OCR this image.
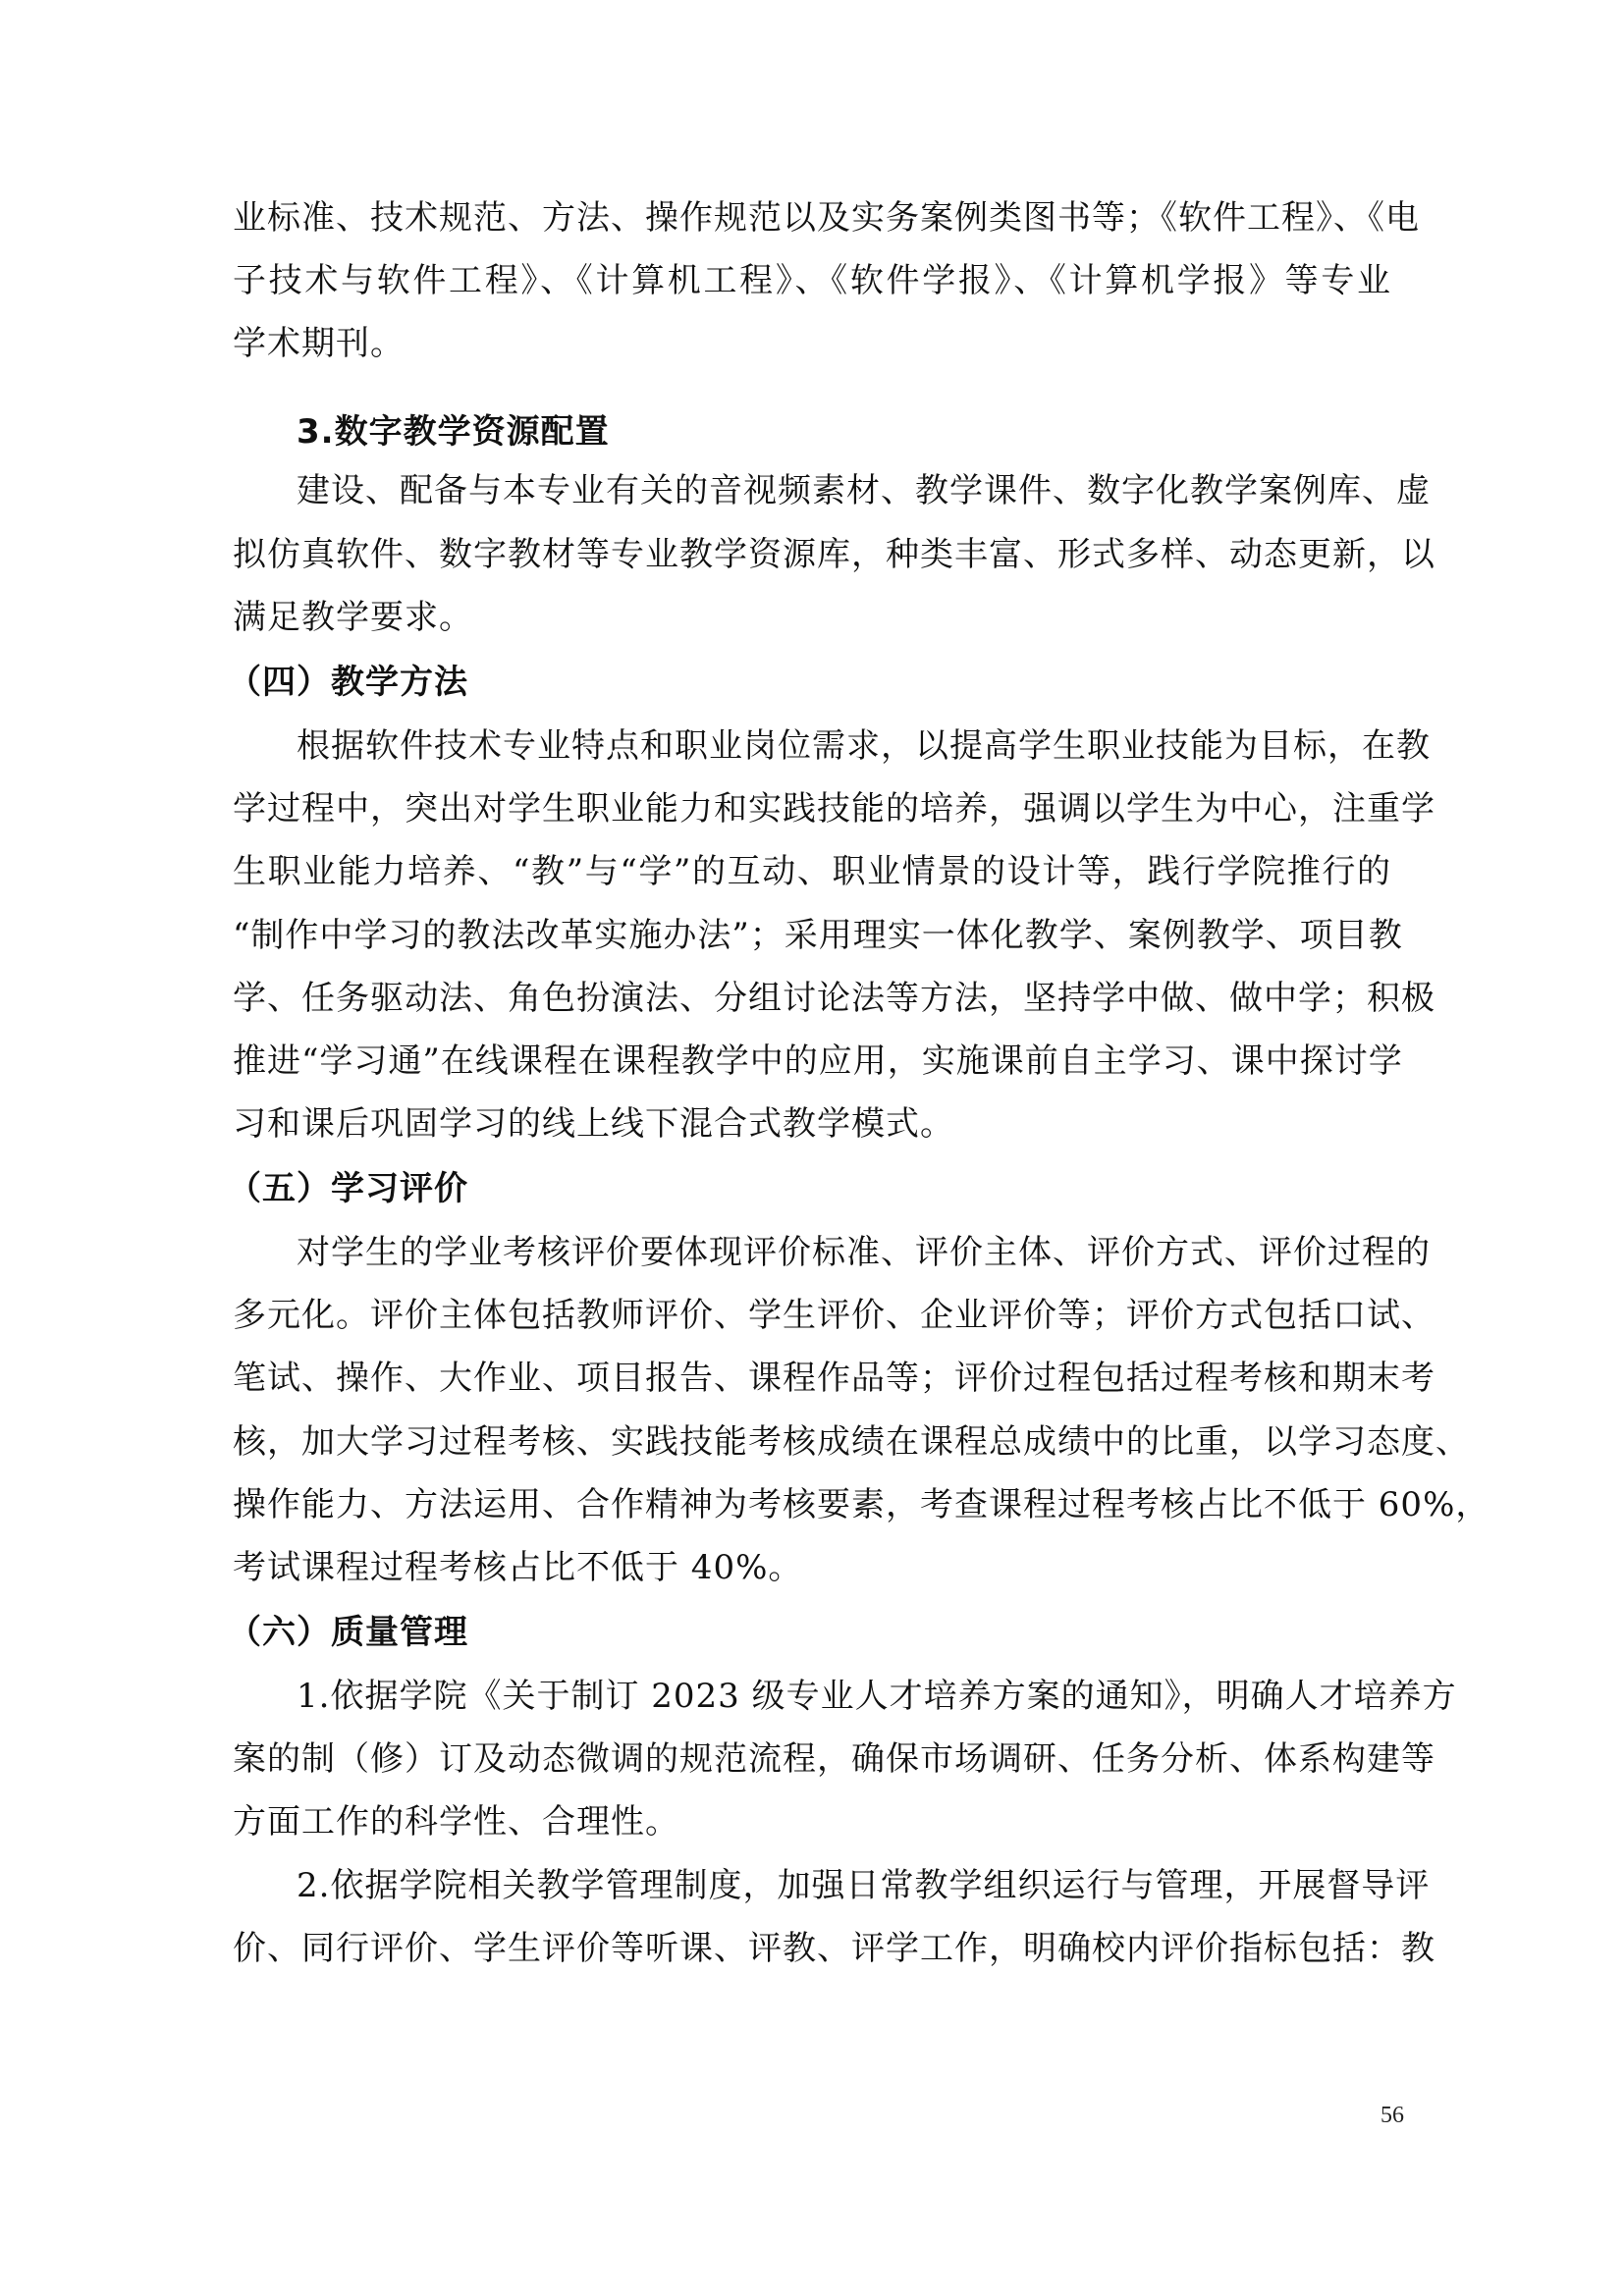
业标准、技术规范、方法、操作规范以及实务案例类图书等；《软件工程》、《电
子技术与软件工程》、《计算机工程》、《软件学报》、《计算机学报》等专业
学术期刊。
3.数字教学资源配置
建设、配备与本专业有关的音视频素材、教学课件、数字化教学案例库、虚
拟仿真软件、数字教材等专业教学资源库，种类丰富、形式多样、动态更新，以
满足教学要求。
（四）教学方法
根据软件技术专业特点和职业岗位需求，以提高学生职业技能为目标，在教
学过程中，突出对学生职业能力和实践技能的培养，强调以学生为中心，注重学
生职业能力培养、“教”与“学”的互动、职业情景的设计等，践行学院推行的
“制作中学习的教法改革实施办法”；采用理实一体化教学、案例教学、项目教
学、任务驱动法、角色扮演法、分组讨论法等方法，坚持学中做、做中学；积极
推进“学习通”在线课程在课程教学中的应用，实施课前自主学习、课中探讨学
习和课后巩固学习的线上线下混合式教学模式。
（五）学习评价
对学生的学业考核评价要体现评价标准、评价主体、评价方式、评价过程的
多元化。评价主体包括教师评价、学生评价、企业评价等；评价方式包括口试、
笔试、操作、大作业、项目报告、课程作品等；评价过程包括过程考核和期末考
核，加大学习过程考核、实践技能考核成绩在课程总成绩中的比重，以学习态度、
操作能力、方法运用、合作精神为考核要素，考查课程过程考核占比不低于 60%，
考试课程过程考核占比不低于 40%。
（六）质量管理
1.依据学院《关于制订 2023 级专业人才培养方案的通知》，明确人才培养方
案的制（修）订及动态微调的规范流程，确保市场调研、任务分析、体系构建等
方面工作的科学性、合理性。
2.依据学院相关教学管理制度，加强日常教学组织运行与管理，开展督导评
价、同行评价、学生评价等听课、评教、评学工作，明确校内评价指标包括：教
56
